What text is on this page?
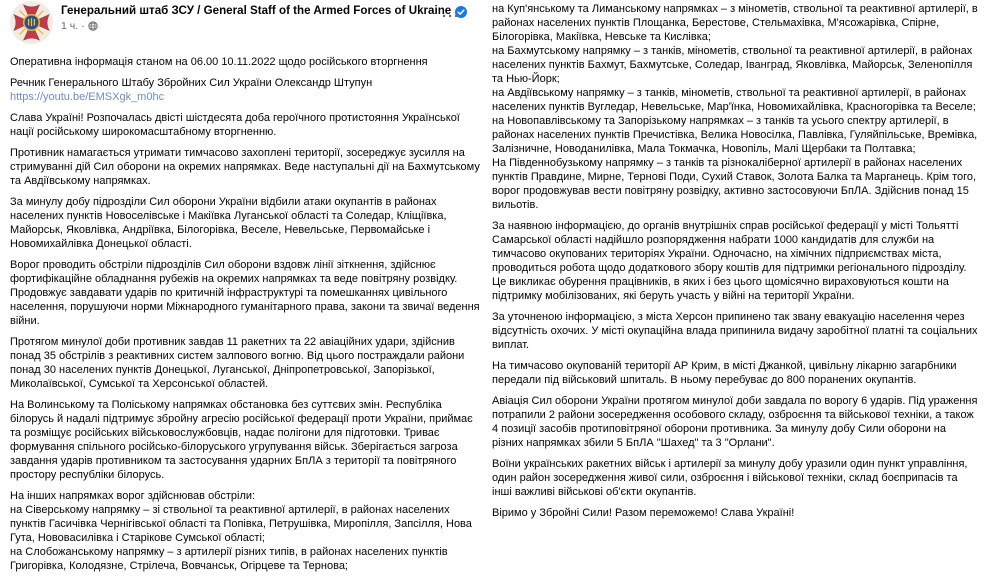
Генеральний штаб ЗСУ / General Staff of the Armed Forces of Ukraine
1 ч. ·
···

Оперативна інформація станом на 06.00 10.11.2022 щодо російського вторгнення

Речник Генерального Штабу Збройних Сил України Олександр Штупун

https://youtu.be/EMSXgk_m0hc

Слава Україні! Розпочалась двісті шістдесята доба героїчного протистояння Української нації російському широкомасштабному вторгненню.

Противник намагається утримати тимчасово захоплені території, зосереджує зусилля на стримуванні дій Сил оборони на окремих напрямках. Веде наступальні дії на Бахмутському та Авдіївському напрямках.

За минулу добу підрозділи Сил оборони України відбили атаки окупантів в районах населених пунктів Новоселівське і Макіївка Луганської області та Соледар, Кліщіївка, Майорськ, Яковлівка, Андріївка, Білогорівка, Веселе, Невельське, Первомайське і Новомихайлівка Донецької області.

Ворог проводить обстріли підрозділів Сил оборони вздовж лінії зіткнення, здійснює фортифікаційне обладнання рубежів на окремих напрямках та веде повітряну розвідку. Продовжує завдавати ударів по критичній інфраструктурі та помешканнях цивільного населення, порушуючи норми Міжнародного гуманітарного права, закони та звичаї ведення війни.

Протягом минулої доби противник завдав 11 ракетних та 22 авіаційних удари, здійснив понад 35 обстрілів з реактивних систем залпового вогню. Від цього постраждали райони понад 30 населених пунктів Донецької, Луганської, Дніпропетровської, Запорізької, Миколаївської, Сумської та Херсонської областей.

На Волинському та Поліському напрямках обстановка без суттєвих змін. Республіка білорусь й надалі підтримує збройну агресію російської федерації проти України, приймає та розміщує російських військовослужбовців, надає полігони для підготовки. Триває формування спільного російсько-білоруського угрупування військ. Зберігається загроза завдання ударів противником та застосування ударних БпЛА з території та повітряного простору республіки білорусь.

На інших напрямках ворог здійснював обстріли:

на Сіверському напрямку – зі ствольної та реактивної артилерії, в районах населених пунктів Гасичівка Чернігівської області та Попівка, Петрушівка, Миропілля, Запсілля, Нова Гута, Нововасилівка і Старікове Сумської області;

на Слобожанському напрямку – з артилерії різних типів, в районах населених пунктів Григорівка, Колодязне, Стрілеча, Вовчанськ, Огірцеве та Тернова;

на Куп'янському та Лиманському напрямках – з мінометів, ствольної та реактивної артилерії, в районах населених пунктів Площанка, Берестове, Стельмахівка, М'ясожарівка, Спірне, Білогорівка, Макіївка, Невське та Кислівка;

на Бахмутському напрямку – з танків, мінометів, ствольної та реактивної артилерії, в районах населених пунктів Бахмут, Бахмутське, Соледар, Іванград, Яковлівка, Майорськ, Зеленопілля та Нью-Йорк;

на Авдіївському напрямку – з танків, мінометів, ствольної та реактивної артилерії, в районах населених пунктів Вугледар, Невельське, Мар'їнка, Новомихайлівка, Красногорівка та Веселе;

на Новопавлівському та Запорізькому напрямках – з танків та усього спектру артилерії, в районах населених пунктів Пречистівка, Велика Новосілка, Павлівка, Гуляйпільське, Времівка, Залізничне, Новоданилівка, Мала Токмачка, Новопіль, Малі Щербаки та Полтавка;

На Південнобузькому напрямку – з танків та різнокаліберної артилерії в районах населених пунктів Правдине, Мирне, Тернові Поди, Сухий Ставок, Золота Балка та Марганець. Крім того, ворог продовжував вести повітряну розвідку, активно застосовуючи БпЛА. Здійснив понад 15 вильотів.

За наявною інформацією, до органів внутрішніх справ російської федерації у місті Тольятті Самарської області надійшло розпорядження набрати 1000 кандидатів для служби на тимчасово окупованих територіях України. Одночасно, на хімічних підприємствах міста, проводиться робота щодо додаткового збору коштів для підтримки регіонального підрозділу. Це викликає обурення працівників, в яких і без цього щомісячно вираховуються кошти на підтримку мобілізованих, які беруть участь у війні на території України.

За уточненою інформацією, з міста Херсон припинено так звану евакуацію населення через відсутність охочих. У місті окупаційна влада припинила видачу заробітної платні та соціальних виплат.

На тимчасово окупованій території АР Крим, в місті Джанкой, цивільну лікарню загарбники передали під військовий шпиталь. В ньому перебуває до 800 поранених окупантів.

Авіація Сил оборони України протягом минулої доби завдала по ворогу 6 ударів. Під ураження потрапили 2 райони зосередження особового складу, озброєння та військової техніки, а також 4 позиції засобів протиповітряної оборони противника. За минулу добу Сили оборони на різних напрямках збили 5 БпЛА "Шахед" та 3 "Орлани".

Воїни українських ракетних військ і артилерії за минулу добу уразили один пункт управління, один район зосередження живої сили, озброєння і військової техніки, склад боєприпасів та інші важливі військові об'єкти окупантів.

Віримо у Збройні Сили! Разом переможемо! Слава Україні!
